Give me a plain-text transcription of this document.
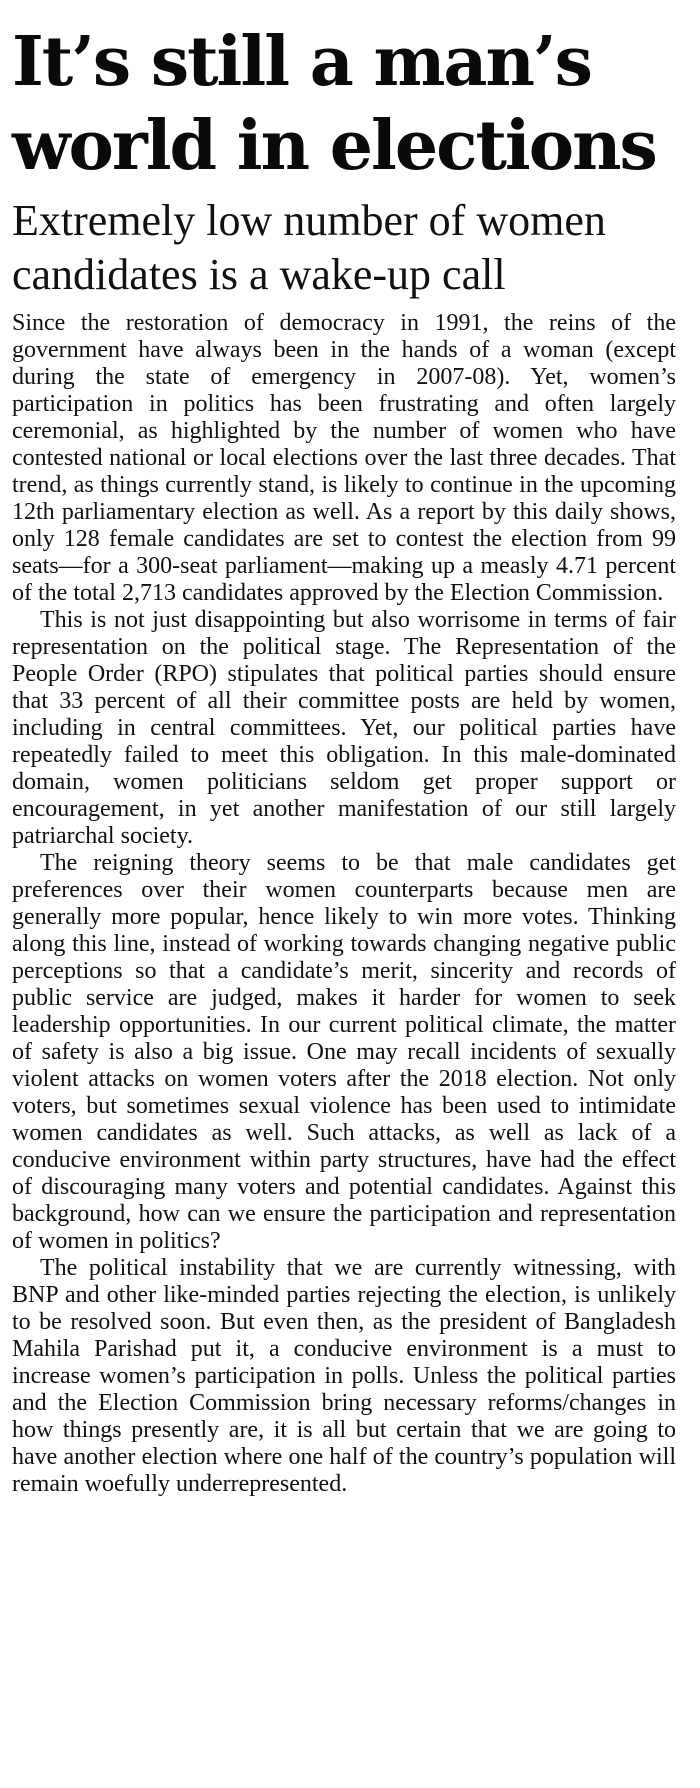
It’s still a man’s world in elections
Extremely low number of women candidates is a wake-up call

Since the restoration of democracy in 1991, the reins of the government have always been in the hands of a woman (except during the state of emergency in 2007-08). Yet, women’s participation in politics has been frustrating and often largely ceremonial, as highlighted by the number of women who have contested national or local elections over the last three decades. That trend, as things currently stand, is likely to continue in the upcoming 12th parliamentary election as well. As a report by this daily shows, only 128 female candidates are set to contest the election from 99 seats—for a 300-seat parliament—making up a measly 4.71 percent of the total 2,713 candidates approved by the Election Commission.

This is not just disappointing but also worrisome in terms of fair representation on the political stage. The Representation of the People Order (RPO) stipulates that political parties should ensure that 33 percent of all their committee posts are held by women, including in central committees. Yet, our political parties have repeatedly failed to meet this obligation. In this male-dominated domain, women politicians seldom get proper support or encouragement, in yet another manifestation of our still largely patriarchal society.

The reigning theory seems to be that male candidates get preferences over their women counterparts because men are generally more popular, hence likely to win more votes. Thinking along this line, instead of working towards changing negative public perceptions so that a candidate’s merit, sincerity and records of public service are judged, makes it harder for women to seek leadership opportunities. In our current political climate, the matter of safety is also a big issue. One may recall incidents of sexually violent attacks on women voters after the 2018 election. Not only voters, but sometimes sexual violence has been used to intimidate women candidates as well. Such attacks, as well as lack of a conducive environment within party structures, have had the effect of discouraging many voters and potential candidates. Against this background, how can we ensure the participation and representation of women in politics?

The political instability that we are currently witnessing, with BNP and other like-minded parties rejecting the election, is unlikely to be resolved soon. But even then, as the president of Bangladesh Mahila Parishad put it, a conducive environment is a must to increase women’s participation in polls. Unless the political parties and the Election Commission bring necessary reforms/changes in how things presently are, it is all but certain that we are going to have another election where one half of the country’s population will remain woefully underrepresented.
